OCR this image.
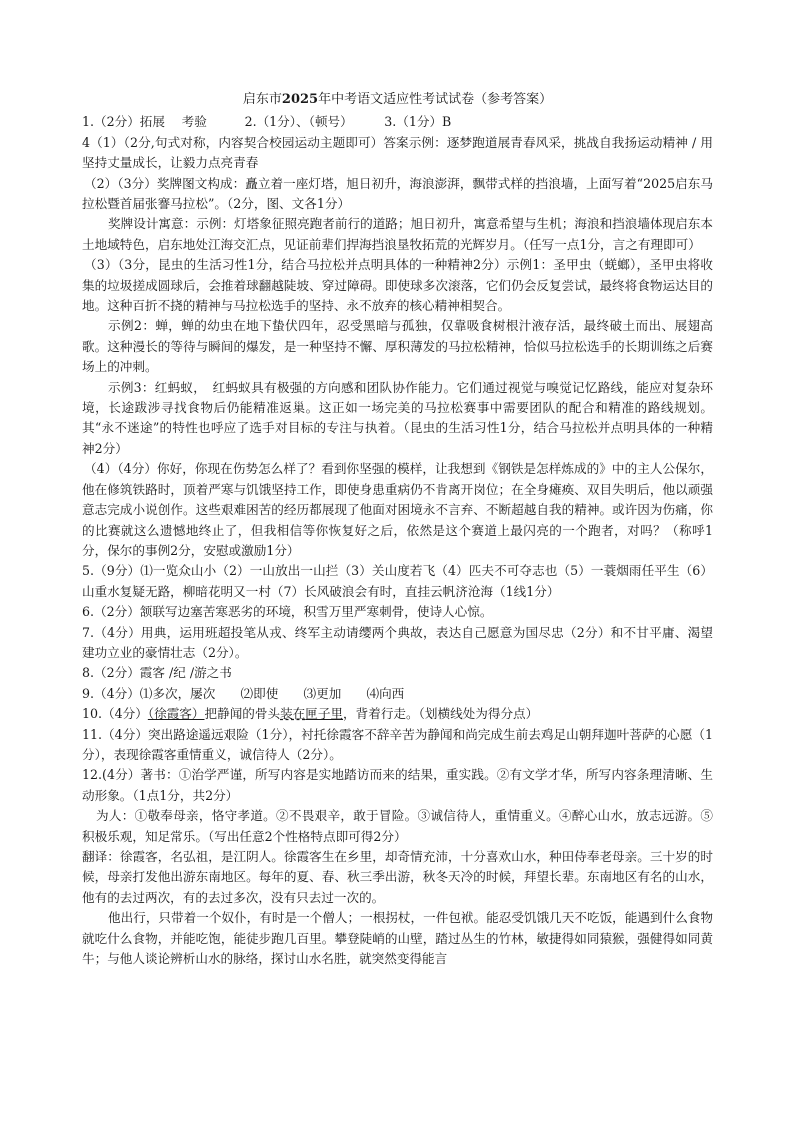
启东市2025年中考语文适应性考试试卷（参考答案）

1.（2分）拓展　 考验　　　2.（1分）、（顿号）　　　3.（1分）B

4（1）（2分,句式对称，内容契合校园运动主题即可）答案示例：逐梦跑道展青春风采，挑战自我扬运动精神 / 用坚持丈量成长，让毅力点亮青春

（2）（3分）奖牌图文构成：矗立着一座灯塔，旭日初升，海浪澎湃，飘带式样的挡浪墙，上面写着“2025启东马拉松暨首届张謇马拉松”。（2分，图、文各1分）

奖牌设计寓意：示例：灯塔象征照亮跑者前行的道路；旭日初升，寓意希望与生机；海浪和挡浪墙体现启东本土地域特色，启东地处江海交汇点，见证前辈们捍海挡浪垦牧拓荒的光辉岁月。（任写一点1分，言之有理即可）

（3）（3分，昆虫的生活习性1分，结合马拉松并点明具体的一种精神2分）示例1：圣甲虫（蜣螂），圣甲虫将收集的垃圾搓成圆球后，会推着球翻越陡坡、穿过障碍。即使球多次滚落，它们仍会反复尝试，最终将食物运达目的地。这种百折不挠的精神与马拉松选手的坚持、永不放弃的核心精神相契合。

示例2：蝉，蝉的幼虫在地下蛰伏四年，忍受黑暗与孤独，仅靠吸食树根汁液存活，最终破土而出、展翅高歌。这种漫长的等待与瞬间的爆发，是一种坚持不懈、厚积薄发的马拉松精神，恰似马拉松选手的长期训练之后赛场上的冲刺。

示例3：红蚂蚁，　红蚂蚁具有极强的方向感和团队协作能力。它们通过视觉与嗅觉记忆路线，能应对复杂环境，长途跋涉寻找食物后仍能精准返巢。这正如一场完美的马拉松赛事中需要团队的配合和精准的路线规划。其“永不迷途”的特性也呼应了选手对目标的专注与执着。（昆虫的生活习性1分，结合马拉松并点明具体的一种精神2分）

（4）（4分）你好，你现在伤势怎么样了？看到你坚强的模样，让我想到《钢铁是怎样炼成的》中的主人公保尔，他在修筑铁路时，顶着严寒与饥饿坚持工作，即使身患重病仍不肯离开岗位；在全身瘫痪、双目失明后，他以顽强意志完成小说创作。这些艰难困苦的经历都展现了他面对困境永不言弃、不断超越自我的精神。或许因为伤痛，你的比赛就这么遗憾地终止了，但我相信等你恢复好之后，依然是这个赛道上最闪亮的一个跑者，对吗？（称呼1分，保尔的事例2分，安慰或激励1分）

5.（9分）⑴一览众山小（2）一山放出一山拦（3）关山度若飞（4）匹夫不可夺志也（5）一蓑烟雨任平生（6）山重水复疑无路，柳暗花明又一村（7）长风破浪会有时，直挂云帆济沧海（1线1分）

6.（2分）颔联写边塞苦寒恶劣的环境，积雪万里严寒刺骨，使诗人心惊。

7.（4分）用典，运用班超投笔从戎、终军主动请缨两个典故，表达自己愿意为国尽忠（2分）和不甘平庸、渴望建功立业的豪情壮志（2分）。

8.（2分）霞客 /纪 /游之书

9.（4分）⑴多次，屡次　　⑵即使　　⑶更加　　⑷向西

10.（4分）（徐霞客）把静闻的骨头装在匣子里，背着行走。（划横线处为得分点）

11.（4分）突出路途遥远艰险（1分），衬托徐霞客不辞辛苦为静闻和尚完成生前去鸡足山朝拜迦叶菩萨的心愿（1分），表现徐霞客重情重义，诚信待人（2分）。

12.(4分）著书：①治学严谨，所写内容是实地踏访而来的结果，重实践。②有文学才华，所写内容条理清晰、生动形象。（1点1分，共2分）

为人：①敬奉母亲，恪守孝道。②不畏艰辛，敢于冒险。③诚信待人，重情重义。④醉心山水，放志远游。⑤积极乐观，知足常乐。（写出任意2个性格特点即可得2分）

翻译：徐霞客，名弘祖，是江阴人。徐霞客生在乡里，却奇情充沛，十分喜欢山水，种田侍奉老母亲。三十岁的时候，母亲打发他出游东南地区。每年的夏、春、秋三季出游，秋冬天冷的时候，拜望长辈。东南地区有名的山水，他有的去过两次，有的去过多次，没有只去过一次的。

他出行，只带着一个奴仆，有时是一个僧人；一根拐杖，一件包袱。能忍受饥饿几天不吃饭，能遇到什么食物就吃什么食物，并能吃饱，能徒步跑几百里。攀登陡峭的山壁，踏过丛生的竹林，敏捷得如同猿猴，强健得如同黄牛；与他人谈论辨析山水的脉络，探讨山水名胜，就突然变得能言
